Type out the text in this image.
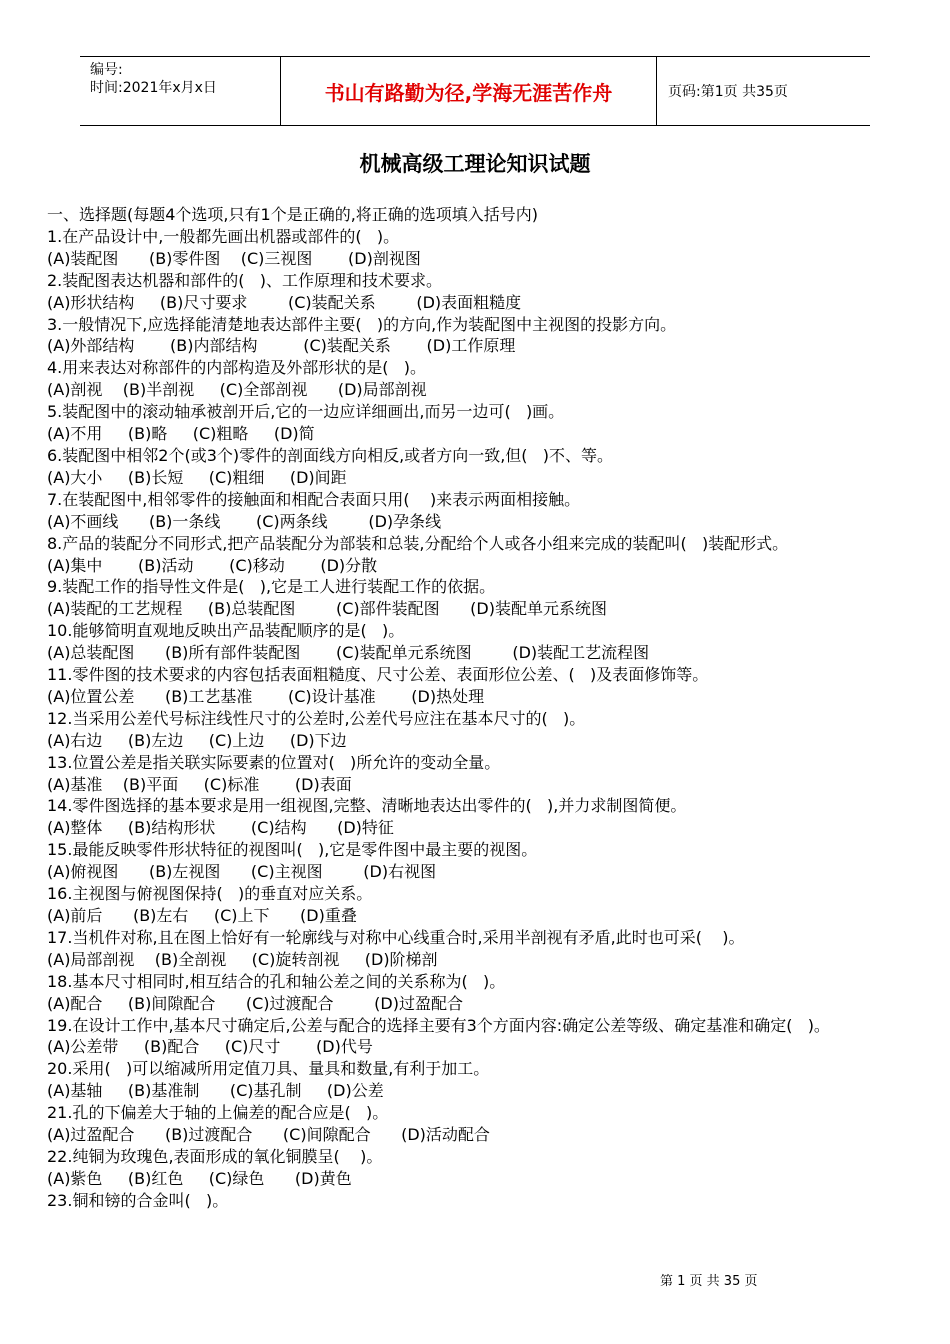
编号:
时间:2021年x月x日	书山有路勤为径,学海无涯苦作舟	页码:第1页 共35页
机械高级工理论知识试题
一、选择题(每题4个选项,只有1个是正确的,将正确的选项填入括号内)
1.在产品设计中,一般都先画出机器或部件的(   )。
(A)装配图      (B)零件图    (C)三视图       (D)剖视图
2.装配图表达机器和部件的(   )、工作原理和技术要求。
(A)形状结构     (B)尺寸要求        (C)装配关系        (D)表面粗糙度
3.一般情况下,应选择能清楚地表达部件主要(   )的方向,作为装配图中主视图的投影方向。
(A)外部结构       (B)内部结构         (C)装配关系       (D)工作原理
4.用来表达对称部件的内部构造及外部形状的是(   )。
(A)剖视    (B)半剖视     (C)全部剖视      (D)局部剖视
5.装配图中的滚动轴承被剖开后,它的一边应详细画出,而另一边可(   )画。
(A)不用     (B)略     (C)粗略     (D)简
6.装配图中相邻2个(或3个)零件的剖面线方向相反,或者方向一致,但(   )不、等。
(A)大小     (B)长短     (C)粗细     (D)间距
7.在装配图中,相邻零件的接触面和相配合表面只用(    )来表示两面相接触。
(A)不画线      (B)一条线       (C)两条线        (D)孕条线
8.产品的装配分不同形式,把产品装配分为部装和总装,分配给个人或各小组来完成的装配叫(   )装配形式。
(A)集中       (B)活动       (C)移动       (D)分散
9.装配工作的指导性文件是(   ),它是工人进行装配工作的依据。
(A)装配的工艺规程     (B)总装配图        (C)部件装配图      (D)装配单元系统图
10.能够简明直观地反映出产品装配顺序的是(   )。
(A)总装配图      (B)所有部件装配图       (C)装配单元系统图        (D)装配工艺流程图
11.零件图的技术要求的内容包括表面粗糙度、尺寸公差、表面形位公差、(   )及表面修饰等。
(A)位置公差      (B)工艺基准       (C)设计基准       (D)热处理
12.当采用公差代号标注线性尺寸的公差时,公差代号应注在基本尺寸的(   )。
(A)右边     (B)左边     (C)上边     (D)下边
13.位置公差是指关联实际要素的位置对(   )所允许的变动全量。
(A)基准    (B)平面     (C)标准       (D)表面
14.零件图选择的基本要求是用一组视图,完整、清晰地表达出零件的(   ),并力求制图简便。
(A)整体     (B)结构形状       (C)结构      (D)特征
15.最能反映零件形状特征的视图叫(   ),它是零件图中最主要的视图。
(A)俯视图      (B)左视图      (C)主视图        (D)右视图
16.主视图与俯视图保持(   )的垂直对应关系。
(A)前后      (B)左右     (C)上下      (D)重叠
17.当机件对称,且在图上恰好有一轮廓线与对称中心线重合时,采用半剖视有矛盾,此时也可采(    )。
(A)局部剖视    (B)全剖视     (C)旋转剖视     (D)阶梯剖
18.基本尺寸相同时,相互结合的孔和轴公差之间的关系称为(   )。
(A)配合     (B)间隙配合      (C)过渡配合        (D)过盈配合
19.在设计工作中,基本尺寸确定后,公差与配合的选择主要有3个方面内容:确定公差等级、确定基准和确定(   )。
(A)公差带     (B)配合     (C)尺寸       (D)代号
20.采用(   )可以缩减所用定值刀具、量具和数量,有利于加工。
(A)基轴     (B)基准制      (C)基孔制     (D)公差
21.孔的下偏差大于轴的上偏差的配合应是(   )。
(A)过盈配合      (B)过渡配合      (C)间隙配合      (D)活动配合
22.纯铜为玫瑰色,表面形成的氧化铜膜呈(    )。
(A)紫色     (B)红色     (C)绿色      (D)黄色
23.铜和镑的合金叫(   )。
第 1 页 共 35 页
